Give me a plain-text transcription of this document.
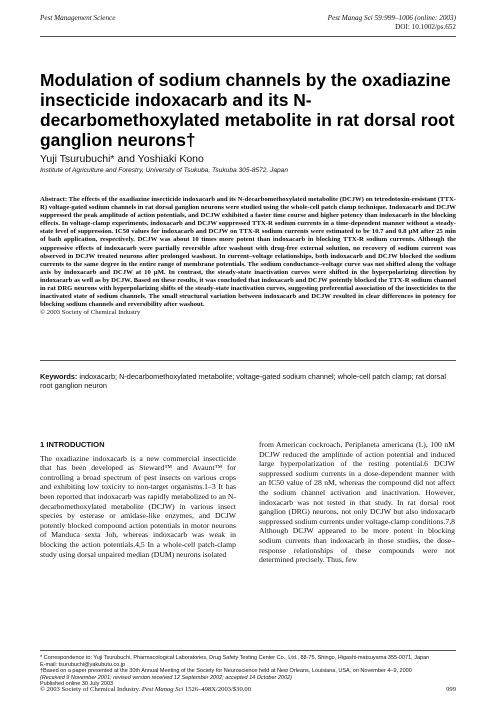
Pest Management Science	Pest Manag Sci 59:999–1006 (online: 2003)
DOI: 10.1002/ps.652
Modulation of sodium channels by the oxadiazine insecticide indoxacarb and its N-decarbomethoxylated metabolite in rat dorsal root ganglion neurons†
Yuji Tsurubuchi* and Yoshiaki Kono
Institute of Agriculture and Forestry, University of Tsukuba, Tsukuba 305-8572, Japan

Abstract: The effects of the oxadiazine insecticide indoxacarb and its N-decarbomethoxylated metabolite (DCJW) on tetrodotoxin-resistant (TTX-R) voltage-gated sodium channels in rat dorsal ganglion neurons were studied using the whole-cell patch clamp technique. Indoxacarb and DCJW suppressed the peak amplitude of action potentials, and DCJW exhibited a faster time course and higher potency than indoxacarb in the blocking effects. In voltage-clamp experiments, indoxacarb and DCJW suppressed TTX-R sodium currents in a time-dependent manner without a steady-state level of suppression. IC50 values for indoxacarb and DCJW on TTX-R sodium currents were estimated to be 10.7 and 0.8 µM after 25 min of bath application, respectively. DCJW was about 10 times more potent than indoxacarb in blocking TTX-R sodium currents. Although the suppressive effects of indoxacarb were partially reversible after washout with drug-free external solution, no recovery of sodium current was observed in DCJW treated neurons after prolonged washout. In current–voltage relationships, both indoxacarb and DCJW blocked the sodium currents to the same degree in the entire range of membrane potentials. The sodium conductance–voltage curve was not shifted along the voltage axis by indoxacarb and DCJW at 10 µM. In contrast, the steady-state inactivation curves were shifted in the hyperpolarizing direction by indoxacarb as well as by DCJW. Based on these results, it was concluded that indoxacarb and DCJW potently blocked the TTX-R sodium channel in rat DRG neurons with hyperpolarizing shifts of the steady-state inactivation curves, suggesting preferential association of the insecticides to the inactivated state of sodium channels. The small structural variation between indoxacarb and DCJW resulted in clear differences in potency for blocking sodium channels and reversibility after washout.
© 2003 Society of Chemical Industry

Keywords: indoxacarb; N-decarbomethoxylated metabolite; voltage-gated sodium channel; whole-cell patch clamp; rat dorsal root ganglion neuron

1 INTRODUCTION

The oxadiazine indoxacarb is a new commercial insecticide that has been developed as Steward™ and Avaunt™ for controlling a broad spectrum of pest insects on various crops and exhibiting low toxicity to non-target organisms.1–3 It has been reported that indoxacarb was rapidly metabolized to an N-decarbomethoxylated metabolite (DCJW) in various insect species by esterase or amidase-like enzymes, and DCJW potently blocked compound action potentials in motor neurons of Manduca sexta Joh, whereas indoxacarb was weak in blocking the action potentials.4,5 In a whole-cell patch-clamp study using dorsal unpaired median (DUM) neurons isolated

from American cockroach, Periplaneta americana (L), 100 nM DCJW reduced the amplitude of action potential and induced large hyperpolarization of the resting potential.6 DCJW suppressed sodium currents in a dose-dependent manner with an IC50 value of 28 nM, whereas the compound did not affect the sodium channel activation and inactivation. However, indoxacarb was not tested in that study. In rat dorsal root ganglion (DRG) neurons, not only DCJW but also indoxacarb suppressed sodium currents under voltage-clamp conditions.7,8 Although DCJW appeared to be more potent in blocking sodium currents than indoxacarb in those studies, the dose–response relationships of these compounds were not determined precisely. Thus, few

* Correspondence to: Yuji Tsurubuchi, Pharmacological Laboratories, Drug Safety Testing Center Co., Ltd., 88-75, Shingo, Higashi-matsuyama 355-0071, Japan

E-mail: tsurubuchi@yakubutu.co.jp

†Based on a paper presented at the 30th Annual Meeting of the Society for Neuroscience held at New Orleans, Louisiana, USA, on November 4–9, 2000

(Received 9 November 2001; revised version received 12 September 2002; accepted 14 October 2002)

Published online 30 July 2003

© 2003 Society of Chemical Industry. Pest Manag Sci 1526–498X/2003/$30.00	999
